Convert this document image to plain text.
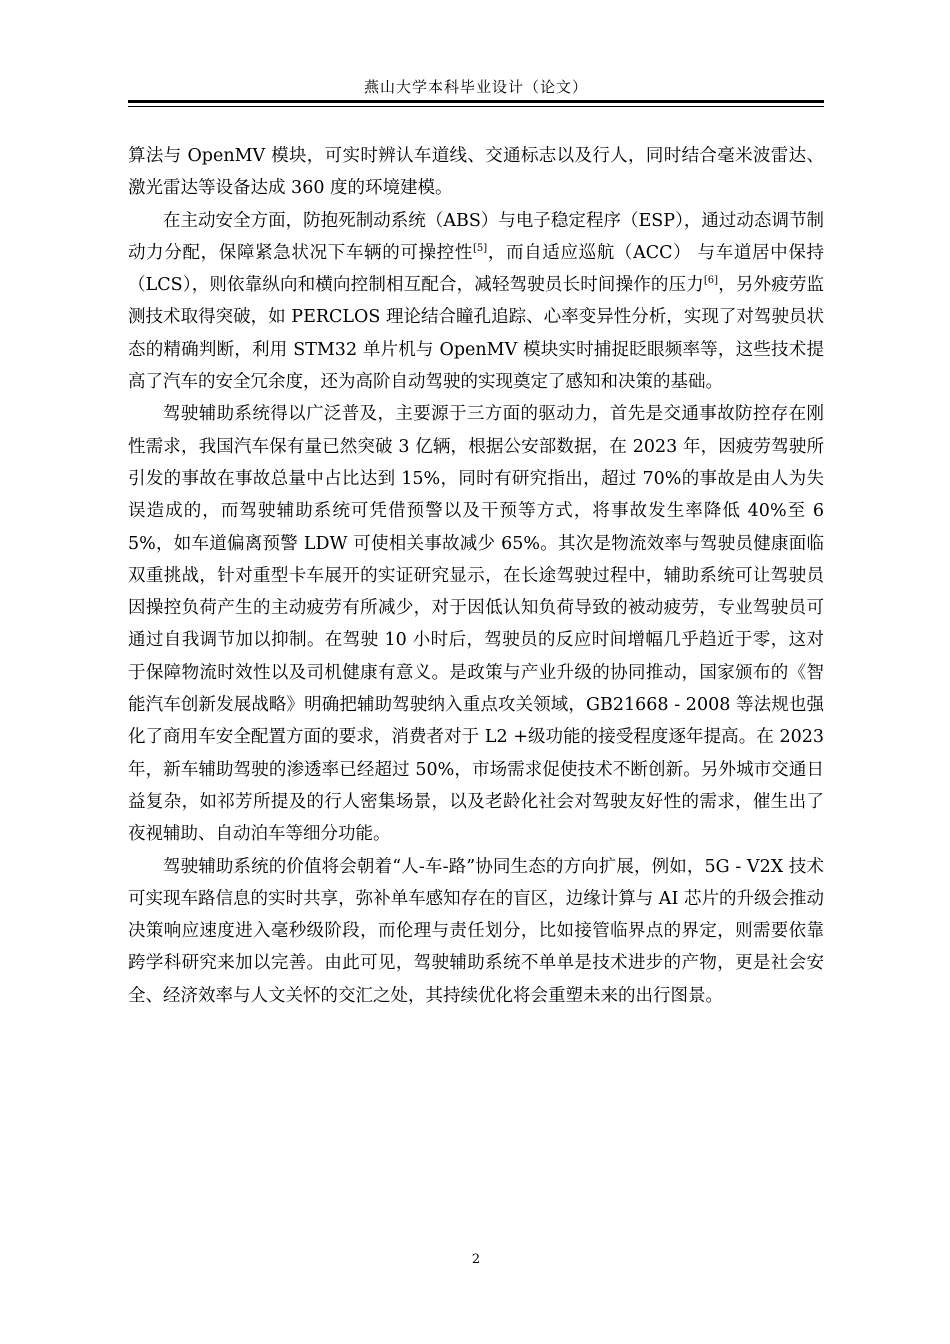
燕山大学本科毕业设计（论文）

算法与 OpenMV 模块，可实时辨认车道线、交通标志以及行人，同时结合毫米波雷达、激光雷达等设备达成 360 度的环境建模。

在主动安全方面，防抱死制动系统（ABS）与电子稳定程序（ESP），通过动态调节制动力分配，保障紧急状况下车辆的可操控性[5]，而自适应巡航（ACC） 与车道居中保持（LCS），则依靠纵向和横向控制相互配合，减轻驾驶员长时间操作的压力[6]，另外疲劳监测技术取得突破，如 PERCLOS 理论结合瞳孔追踪、心率变异性分析，实现了对驾驶员状态的精确判断，利用 STM32 单片机与 OpenMV 模块实时捕捉眨眼频率等，这些技术提高了汽车的安全冗余度，还为高阶自动驾驶的实现奠定了感知和决策的基础。

驾驶辅助系统得以广泛普及，主要源于三方面的驱动力，首先是交通事故防控存在刚性需求，我国汽车保有量已然突破 3 亿辆，根据公安部数据，在 2023 年，因疲劳驾驶所引发的事故在事故总量中占比达到 15%，同时有研究指出，超过 70%的事故是由人为失误造成的，而驾驶辅助系统可凭借预警以及干预等方式，将事故发生率降低 40%至 65%，如车道偏离预警 LDW 可使相关事故减少 65%。其次是物流效率与驾驶员健康面临双重挑战，针对重型卡车展开的实证研究显示，在长途驾驶过程中，辅助系统可让驾驶员因操控负荷产生的主动疲劳有所减少，对于因低认知负荷导致的被动疲劳，专业驾驶员可通过自我调节加以抑制。在驾驶 10 小时后，驾驶员的反应时间增幅几乎趋近于零，这对于保障物流时效性以及司机健康有意义。是政策与产业升级的协同推动，国家颁布的《智能汽车创新发展战略》明确把辅助驾驶纳入重点攻关领域，GB21668 - 2008 等法规也强化了商用车安全配置方面的要求，消费者对于 L2 +级功能的接受程度逐年提高。在 2023 年，新车辅助驾驶的渗透率已经超过 50%，市场需求促使技术不断创新。另外城市交通日益复杂，如祁芳所提及的行人密集场景，以及老龄化社会对驾驶友好性的需求，催生出了夜视辅助、自动泊车等细分功能。

驾驶辅助系统的价值将会朝着“人-车-路”协同生态的方向扩展，例如，5G - V2X 技术可实现车路信息的实时共享，弥补单车感知存在的盲区，边缘计算与 AI 芯片的升级会推动决策响应速度进入毫秒级阶段，而伦理与责任划分，比如接管临界点的界定，则需要依靠跨学科研究来加以完善。由此可见，驾驶辅助系统不单单是技术进步的产物，更是社会安全、经济效率与人文关怀的交汇之处，其持续优化将会重塑未来的出行图景。

2
